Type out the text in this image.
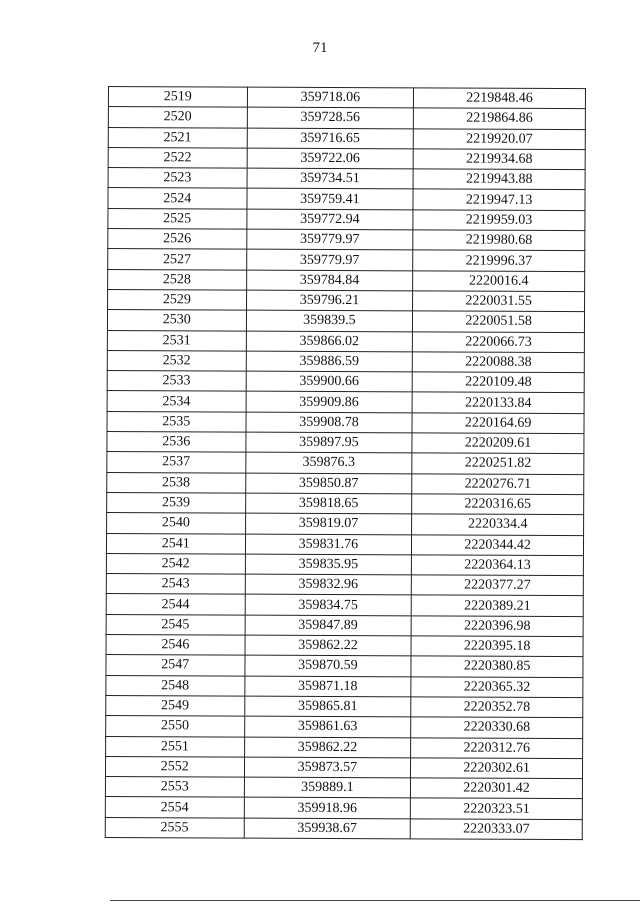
71
2519	359718.06	2219848.46
2520	359728.56	2219864.86
2521	359716.65	2219920.07
2522	359722.06	2219934.68
2523	359734.51	2219943.88
2524	359759.41	2219947.13
2525	359772.94	2219959.03
2526	359779.97	2219980.68
2527	359779.97	2219996.37
2528	359784.84	2220016.4
2529	359796.21	2220031.55
2530	359839.5	2220051.58
2531	359866.02	2220066.73
2532	359886.59	2220088.38
2533	359900.66	2220109.48
2534	359909.86	2220133.84
2535	359908.78	2220164.69
2536	359897.95	2220209.61
2537	359876.3	2220251.82
2538	359850.87	2220276.71
2539	359818.65	2220316.65
2540	359819.07	2220334.4
2541	359831.76	2220344.42
2542	359835.95	2220364.13
2543	359832.96	2220377.27
2544	359834.75	2220389.21
2545	359847.89	2220396.98
2546	359862.22	2220395.18
2547	359870.59	2220380.85
2548	359871.18	2220365.32
2549	359865.81	2220352.78
2550	359861.63	2220330.68
2551	359862.22	2220312.76
2552	359873.57	2220302.61
2553	359889.1	2220301.42
2554	359918.96	2220323.51
2555	359938.67	2220333.07
